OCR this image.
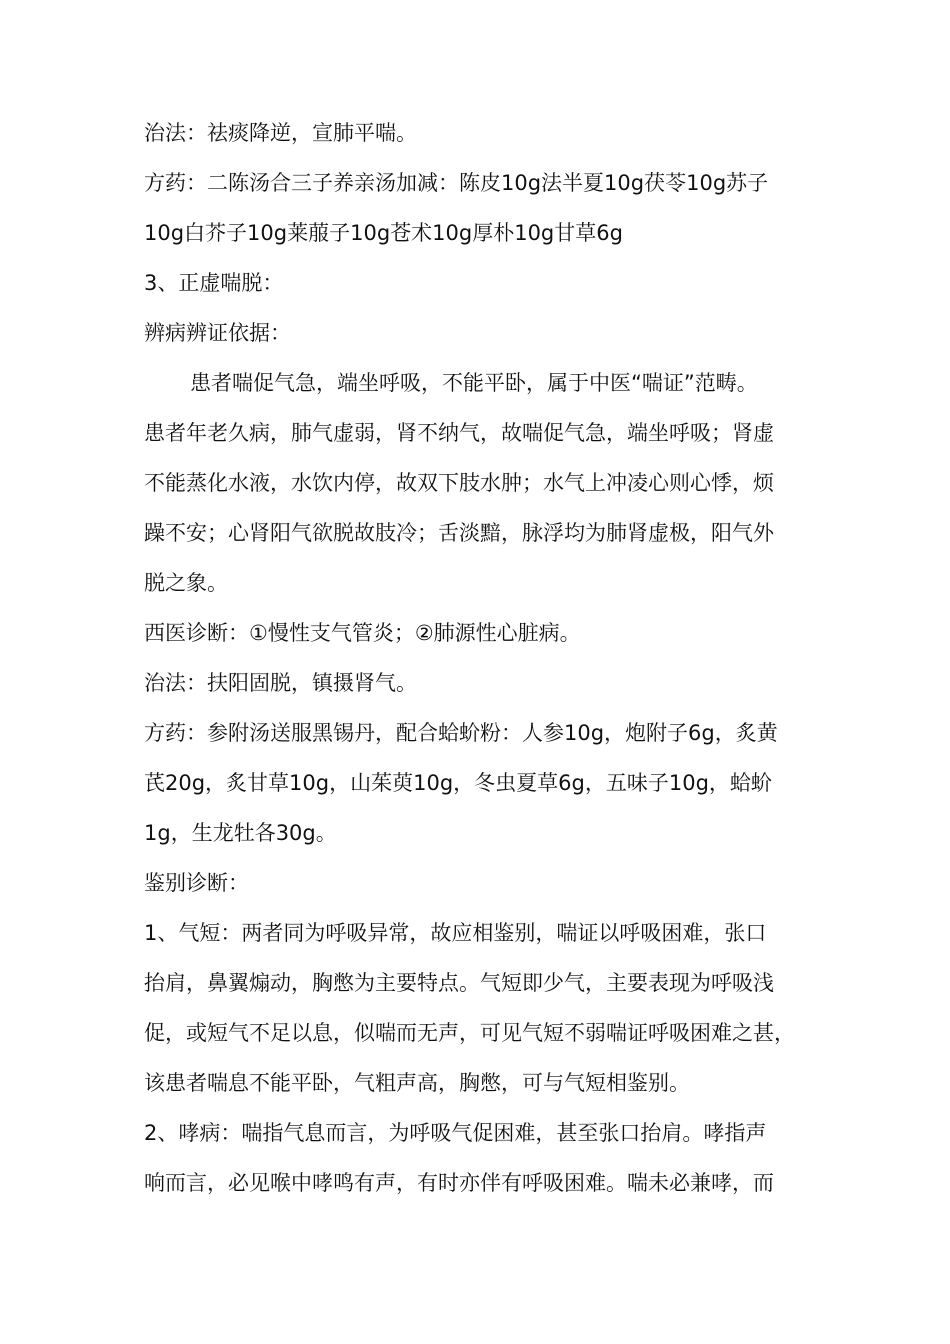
治法：祛痰降逆，宣肺平喘。
方药：二陈汤合三子养亲汤加减：陈皮10g法半夏10g茯苓10g苏子
10g白芥子10g莱菔子10g苍术10g厚朴10g甘草6g
3、正虚喘脱：
辨病辨证依据：
患者喘促气急，端坐呼吸，不能平卧，属于中医“喘证”范畴。
患者年老久病，肺气虚弱，肾不纳气，故喘促气急，端坐呼吸；肾虚
不能蒸化水液，水饮内停，故双下肢水肿；水气上冲凌心则心悸，烦
躁不安；心肾阳气欲脱故肢冷；舌淡黯，脉浮均为肺肾虚极，阳气外
脱之象。
西医诊断：①慢性支气管炎；②肺源性心脏病。
治法：扶阳固脱，镇摄肾气。
方药：参附汤送服黑锡丹，配合蛤蚧粉：人参10g，炮附子6g，炙黄
芪20g，炙甘草10g，山茱萸10g，冬虫夏草6g，五味子10g，蛤蚧
1g，生龙牡各30g。
鉴别诊断：
1、气短：两者同为呼吸异常，故应相鉴别，喘证以呼吸困难，张口
抬肩，鼻翼煽动，胸憋为主要特点。气短即少气，主要表现为呼吸浅
促，或短气不足以息，似喘而无声，可见气短不弱喘证呼吸困难之甚，
该患者喘息不能平卧，气粗声高，胸憋，可与气短相鉴别。
2、哮病：喘指气息而言，为呼吸气促困难，甚至张口抬肩。哮指声
响而言，必见喉中哮鸣有声，有时亦伴有呼吸困难。喘未必兼哮，而
